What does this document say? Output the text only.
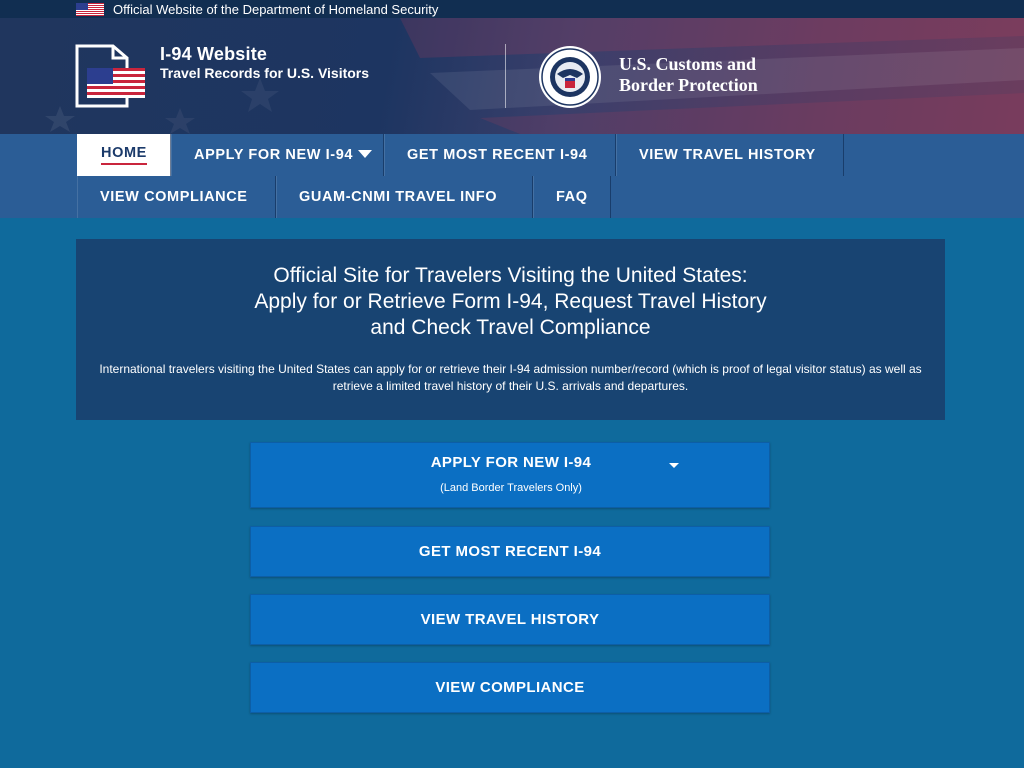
Official Website of the Department of Homeland Security
I-94 Website
Travel Records for U.S. Visitors	U.S. Customs and
Border Protection
HOME	APPLY FOR NEW I-94	GET MOST RECENT I-94	VIEW TRAVEL HISTORY
VIEW COMPLIANCE	GUAM-CNMI TRAVEL INFO	FAQ
Official Site for Travelers Visiting the United States:
Apply for or Retrieve Form I-94, Request Travel History
and Check Travel Compliance
International travelers visiting the United States can apply for or retrieve their I-94 admission number/record (which is proof of legal visitor status) as well as retrieve a limited travel history of their U.S. arrivals and departures.
APPLY FOR NEW I-94
(Land Border Travelers Only)
GET MOST RECENT I-94
VIEW TRAVEL HISTORY
VIEW COMPLIANCE
